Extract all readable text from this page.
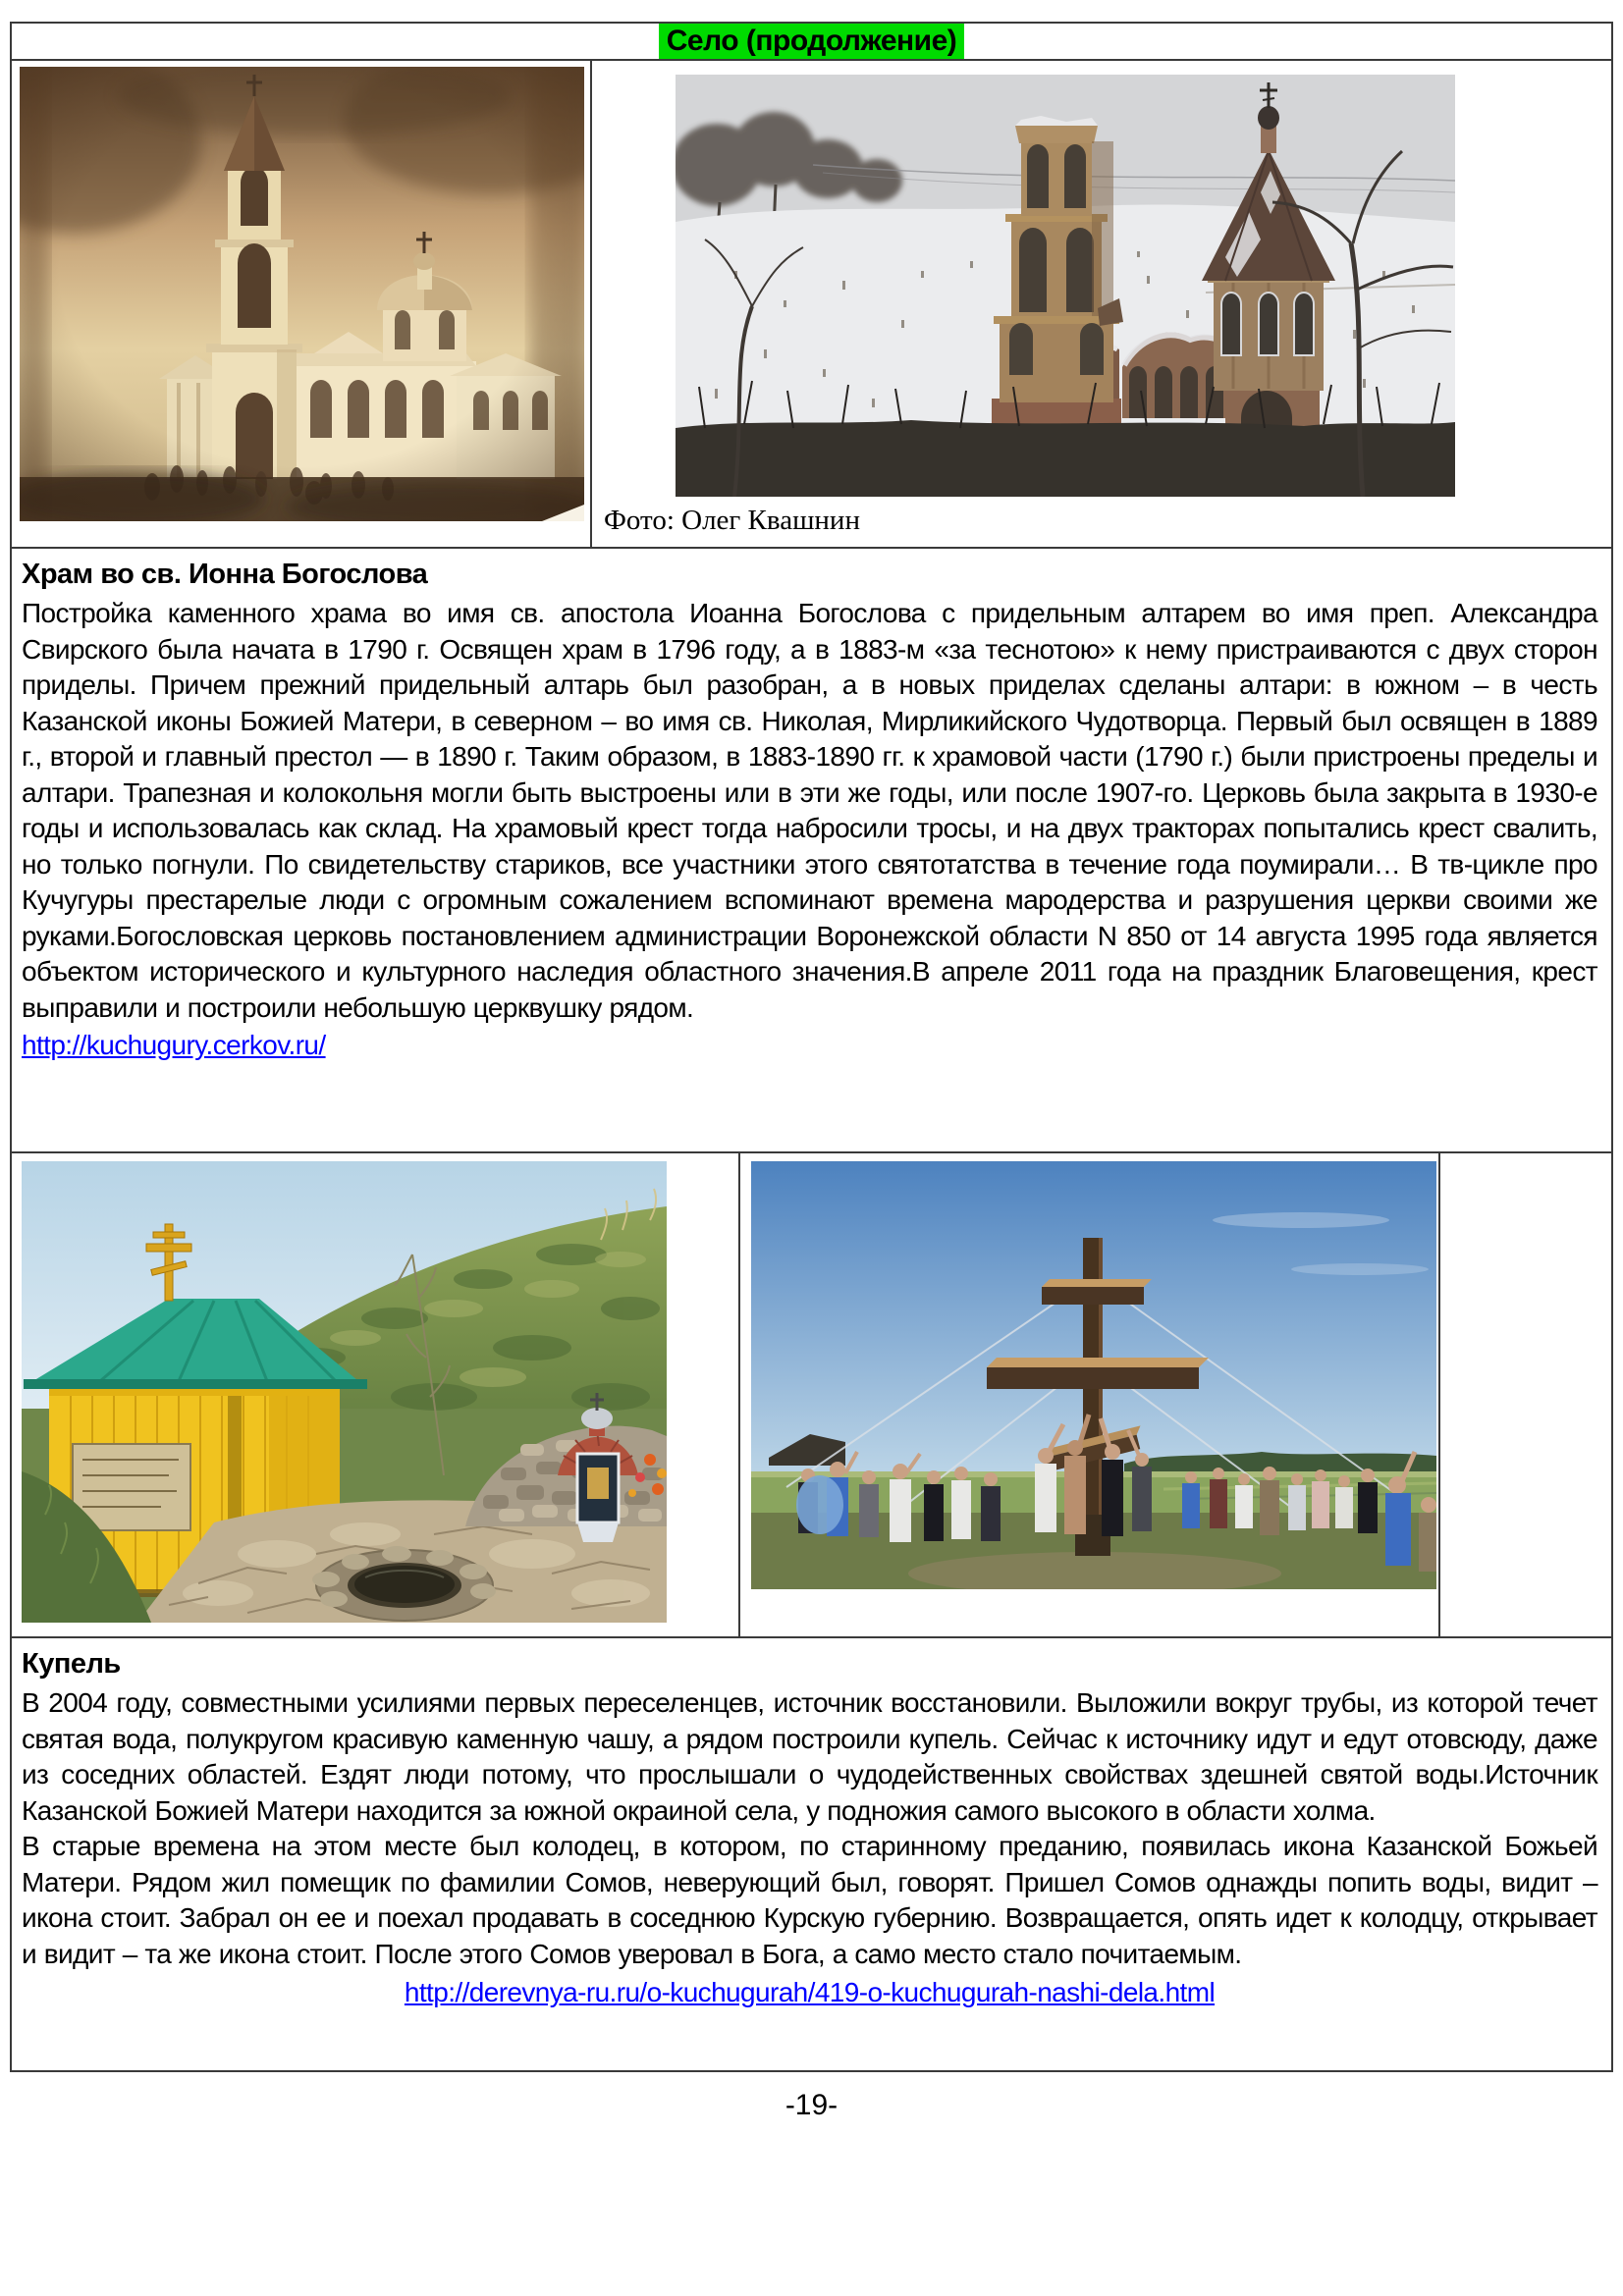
Село (продолжение)
Фото: Олег Квашнин
Храм во св. Ионна Богослова
Постройка каменного храма во имя св. апостола Иоанна Богослова с придельным алтарем во имя преп. Александра Свирского была начата в 1790 г. Освящен храм в 1796 году, а в 1883-м «за теснотою» к нему пристраиваются с двух сторон приделы. Причем прежний придельный алтарь был разобран, а в новых приделах сделаны алтари: в южном – в честь Казанской иконы Божией Матери, в северном – во имя св. Николая, Мирликийского Чудотворца. Первый был освящен в 1889 г., второй и главный престол — в 1890 г. Таким образом, в 1883-1890 гг. к храмовой части (1790 г.) были пристроены пределы и алтари. Трапезная и колокольня могли быть выстроены или в эти же годы, или после 1907-го. Церковь была закрыта в 1930-е годы и использовалась как склад. На храмовый крест тогда набросили тросы, и на двух тракторах попытались крест свалить, но только погнули. По свидетельству стариков, все участники этого святотатства в течение года поумирали… В тв-цикле про Кучугуры престарелые люди с огромным сожалением вспоминают времена мародерства и разрушения церкви своими же руками.Богословская церковь постановлением администрации Воронежской области N 850 от 14 августа 1995 года является объектом исторического и культурного наследия областного значения.В апреле 2011 года на праздник Благовещения, крест выправили и построили небольшую церквушку рядом.
http://kuchugury.cerkov.ru/
Купель
В 2004 году, совместными усилиями первых переселенцев, источник восстановили. Выложили вокруг трубы, из которой течет святая вода, полукругом красивую каменную чашу, а рядом построили купель. Сейчас к источнику идут и едут отовсюду, даже из соседних областей. Ездят люди потому, что прослышали о чудодейственных свойствах здешней святой воды.Источник Казанской Божией Матери находится за южной окраиной села, у подножия самого высокого в области холма.
В старые времена на этом месте был колодец, в котором, по старинному преданию, появилась икона Казанской Божьей Матери. Рядом жил помещик по фамилии Сомов, неверующий был, говорят. Пришел Сомов однажды попить воды, видит – икона стоит. Забрал он ее и поехал продавать в соседнюю Курскую губернию. Возвращается, опять идет к колодцу, открывает и видит – та же икона стоит. После этого Сомов уверовал в Бога, а само место стало почитаемым.
http://derevnya-ru.ru/o-kuchugurah/419-o-kuchugurah-nashi-dela.html
-19-
